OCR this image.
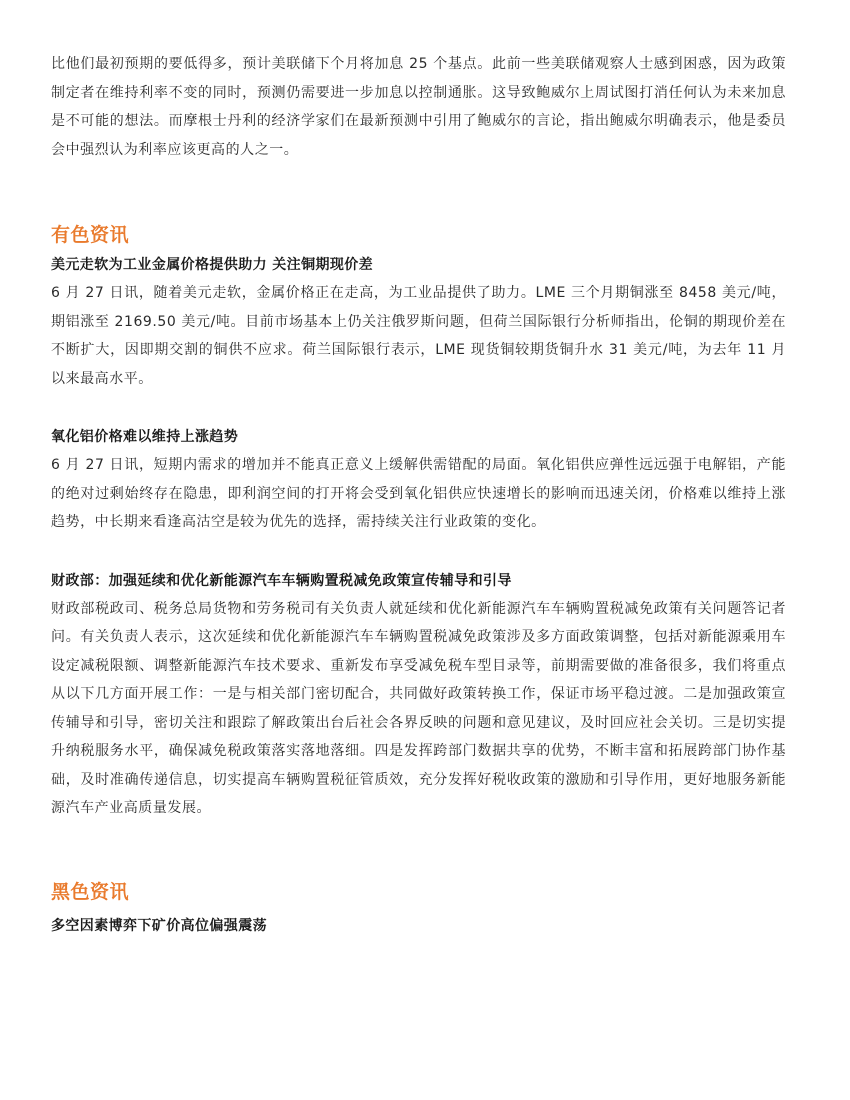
比他们最初预期的要低得多，预计美联储下个月将加息 25 个基点。此前一些美联储观察人士感到困惑，因为政策制定者在维持利率不变的同时，预测仍需要进一步加息以控制通胀。这导致鲍威尔上周试图打消任何认为未来加息是不可能的想法。而摩根士丹利的经济学家们在最新预测中引用了鲍威尔的言论，指出鲍威尔明确表示，他是委员会中强烈认为利率应该更高的人之一。

有色资讯
美元走软为工业金属价格提供助力 关注铜期现价差

6 月 27 日讯，随着美元走软，金属价格正在走高，为工业品提供了助力。LME 三个月期铜涨至 8458 美元/吨，期铝涨至 2169.50 美元/吨。目前市场基本上仍关注俄罗斯问题，但荷兰国际银行分析师指出，伦铜的期现价差在不断扩大，因即期交割的铜供不应求。荷兰国际银行表示，LME 现货铜较期货铜升水 31 美元/吨，为去年 11 月以来最高水平。

氧化铝价格难以维持上涨趋势

6 月 27 日讯，短期内需求的增加并不能真正意义上缓解供需错配的局面。氧化铝供应弹性远远强于电解铝，产能的绝对过剩始终存在隐患，即利润空间的打开将会受到氧化铝供应快速增长的影响而迅速关闭，价格难以维持上涨趋势，中长期来看逢高沽空是较为优先的选择，需持续关注行业政策的变化。

财政部：加强延续和优化新能源汽车车辆购置税减免政策宣传辅导和引导

财政部税政司、税务总局货物和劳务税司有关负责人就延续和优化新能源汽车车辆购置税减免政策有关问题答记者问。有关负责人表示，这次延续和优化新能源汽车车辆购置税减免政策涉及多方面政策调整，包括对新能源乘用车设定减税限额、调整新能源汽车技术要求、重新发布享受减免税车型目录等，前期需要做的准备很多，我们将重点从以下几方面开展工作：一是与相关部门密切配合，共同做好政策转换工作，保证市场平稳过渡。二是加强政策宣传辅导和引导，密切关注和跟踪了解政策出台后社会各界反映的问题和意见建议，及时回应社会关切。三是切实提升纳税服务水平，确保减免税政策落实落地落细。四是发挥跨部门数据共享的优势，不断丰富和拓展跨部门协作基础，及时准确传递信息，切实提高车辆购置税征管质效，充分发挥好税收政策的激励和引导作用，更好地服务新能源汽车产业高质量发展。

黑色资讯
多空因素博弈下矿价高位偏强震荡
